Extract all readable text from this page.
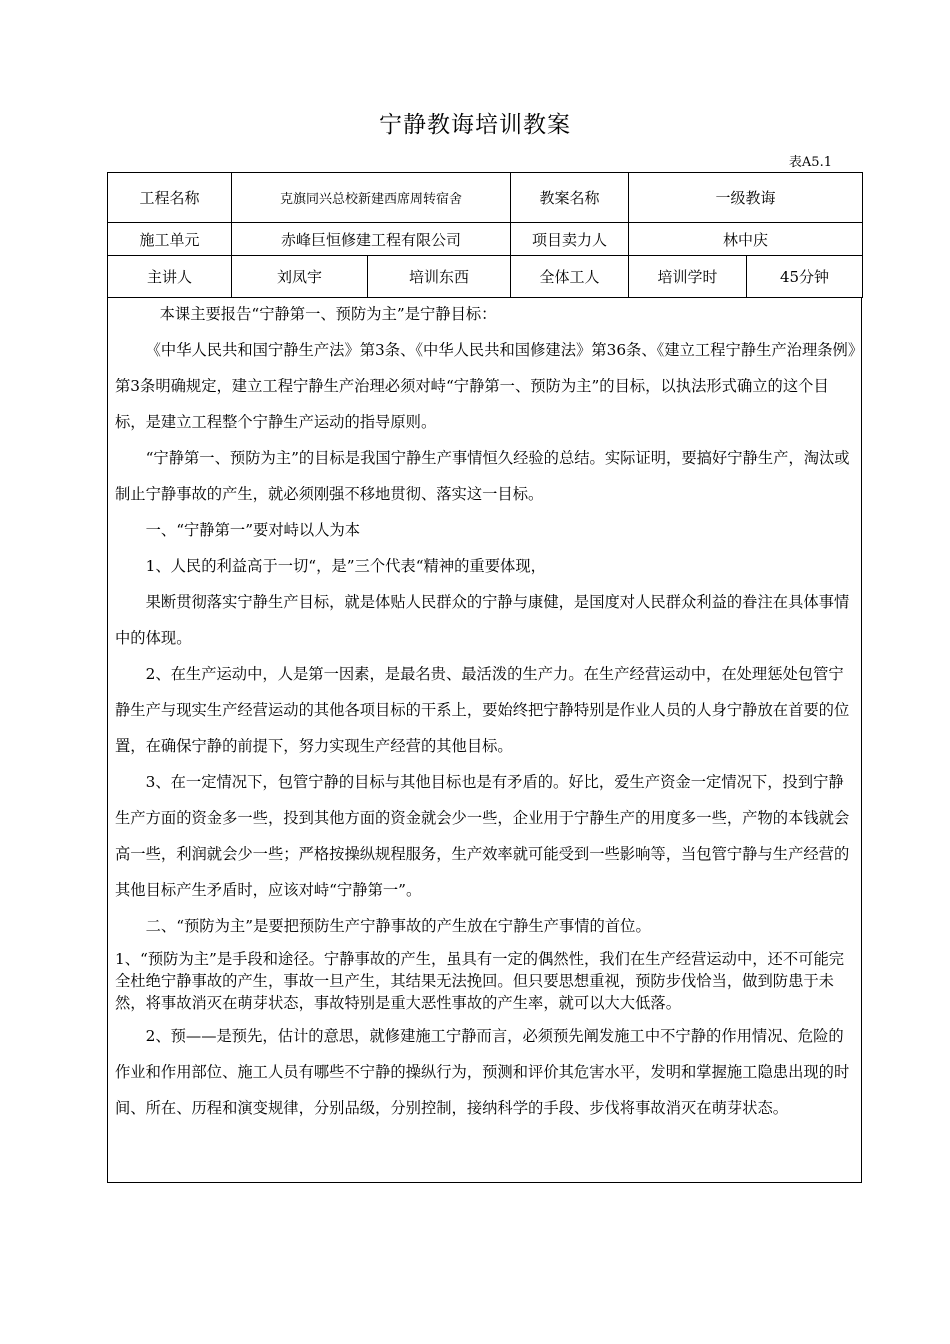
宁静教诲培训教案
表A5.1
工程名称	克旗同兴总校新建西席周转宿舍		教案名称	一级教诲	
施工单元	赤峰巨恒修建工程有限公司		项目卖力人	林中庆	
主讲人	刘凤宇	培训东西	全体工人	培训学时	45分钟

本课主要报告“宁静第一、预防为主”是宁静目标：

《中华人民共和国宁静生产法》第3条、《中华人民共和国修建法》第36条、《建立工程宁静生产治理条例》第3条明确规定，建立工程宁静生产治理必须对峙“宁静第一、预防为主”的目标，以执法形式确立的这个目标，是建立工程整个宁静生产运动的指导原则。

“宁静第一、预防为主”的目标是我国宁静生产事情恒久经验的总结。实际证明，要搞好宁静生产，淘汰或制止宁静事故的产生，就必须刚强不移地贯彻、落实这一目标。

一、“宁静第一”要对峙以人为本

1、人民的利益高于一切“，是”三个代表“精神的重要体现，

果断贯彻落实宁静生产目标，就是体贴人民群众的宁静与康健，是国度对人民群众利益的眷注在具体事情中的体现。

2、在生产运动中，人是第一因素，是最名贵、最活泼的生产力。在生产经营运动中，在处理惩处包管宁静生产与现实生产经营运动的其他各项目标的干系上，要始终把宁静特别是作业人员的人身宁静放在首要的位置，在确保宁静的前提下，努力实现生产经营的其他目标。

3、在一定情况下，包管宁静的目标与其他目标也是有矛盾的。好比，爱生产资金一定情况下，投到宁静生产方面的资金多一些，投到其他方面的资金就会少一些，企业用于宁静生产的用度多一些，产物的本钱就会高一些，利润就会少一些；严格按操纵规程服务，生产效率就可能受到一些影响等，当包管宁静与生产经营的其他目标产生矛盾时，应该对峙“宁静第一”。

二、“预防为主”是要把预防生产宁静事故的产生放在宁静生产事情的首位。

1、“预防为主”是手段和途径。宁静事故的产生，虽具有一定的偶然性，我们在生产经营运动中，还不可能完全杜绝宁静事故的产生，事故一旦产生，其结果无法挽回。但只要思想重视，预防步伐恰当，做到防患于未然，将事故消灭在萌芽状态，事故特别是重大恶性事故的产生率，就可以大大低落。

2、预——是预先，估计的意思，就修建施工宁静而言，必须预先阐发施工中不宁静的作用情况、危险的作业和作用部位、施工人员有哪些不宁静的操纵行为，预测和评价其危害水平，发明和掌握施工隐患出现的时间、所在、历程和演变规律，分别品级，分别控制，接纳科学的手段、步伐将事故消灭在萌芽状态。
